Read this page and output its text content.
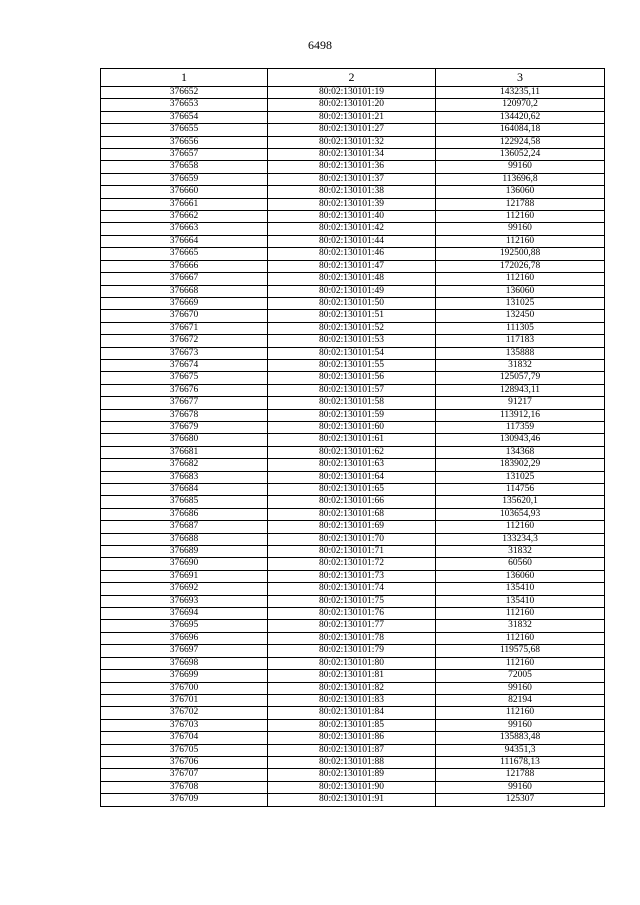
6498
1	2	3
376652	80:02:130101:19	143235,11
376653	80:02:130101:20	120970,2
376654	80:02:130101:21	134420,62
376655	80:02:130101:27	164084,18
376656	80:02:130101:32	122924,58
376657	80:02:130101:34	136052,24
376658	80:02:130101:36	99160
376659	80:02:130101:37	113696,8
376660	80:02:130101:38	136060
376661	80:02:130101:39	121788
376662	80:02:130101:40	112160
376663	80:02:130101:42	99160
376664	80:02:130101:44	112160
376665	80:02:130101:46	192500,88
376666	80:02:130101:47	172026,78
376667	80:02:130101:48	112160
376668	80:02:130101:49	136060
376669	80:02:130101:50	131025
376670	80:02:130101:51	132450
376671	80:02:130101:52	111305
376672	80:02:130101:53	117183
376673	80:02:130101:54	135888
376674	80:02:130101:55	31832
376675	80:02:130101:56	125057,79
376676	80:02:130101:57	128943,11
376677	80:02:130101:58	91217
376678	80:02:130101:59	113912,16
376679	80:02:130101:60	117359
376680	80:02:130101:61	130943,46
376681	80:02:130101:62	134368
376682	80:02:130101:63	183902,29
376683	80:02:130101:64	131025
376684	80:02:130101:65	114756
376685	80:02:130101:66	135620,1
376686	80:02:130101:68	103654,93
376687	80:02:130101:69	112160
376688	80:02:130101:70	133234,3
376689	80:02:130101:71	31832
376690	80:02:130101:72	60560
376691	80:02:130101:73	136060
376692	80:02:130101:74	135410
376693	80:02:130101:75	135410
376694	80:02:130101:76	112160
376695	80:02:130101:77	31832
376696	80:02:130101:78	112160
376697	80:02:130101:79	119575,68
376698	80:02:130101:80	112160
376699	80:02:130101:81	72005
376700	80:02:130101:82	99160
376701	80:02:130101:83	82194
376702	80:02:130101:84	112160
376703	80:02:130101:85	99160
376704	80:02:130101:86	135883,48
376705	80:02:130101:87	94351,3
376706	80:02:130101:88	111678,13
376707	80:02:130101:89	121788
376708	80:02:130101:90	99160
376709	80:02:130101:91	125307
